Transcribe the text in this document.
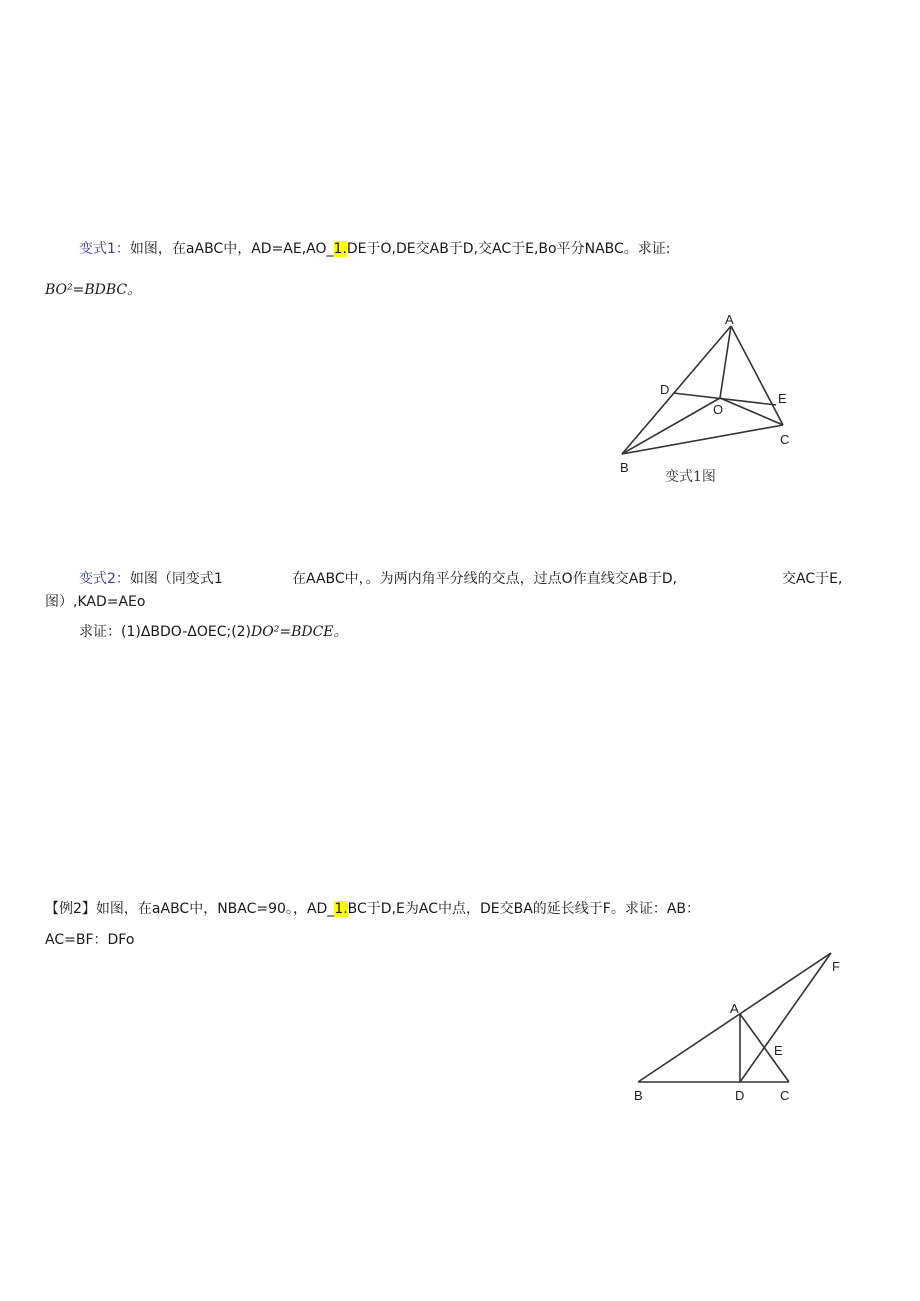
变式1：如图，在aABC中，AD=AE,AO_1.DE于O,DE交AB于D,交AC于E,Bo平分NABC。求证:
BO²=BDBC。
A
D
E
O
C
B
变式1图
变式2：如图（同变式1	在AABC中，。为两内角平分线的交点，过点O作直线交AB于D,	交AC于E,
图）,KAD=AEo
求证：(1)ΔBDO-ΔOEC;(2)DO²=BDCE。
【例2】如图，在aABC中，NBAC=90。，AD_1.BC于D,E为AC中点，DE交BA的延长线于F。求证：AB：
AC=BF：DFo
F
A
E
B	D	C
